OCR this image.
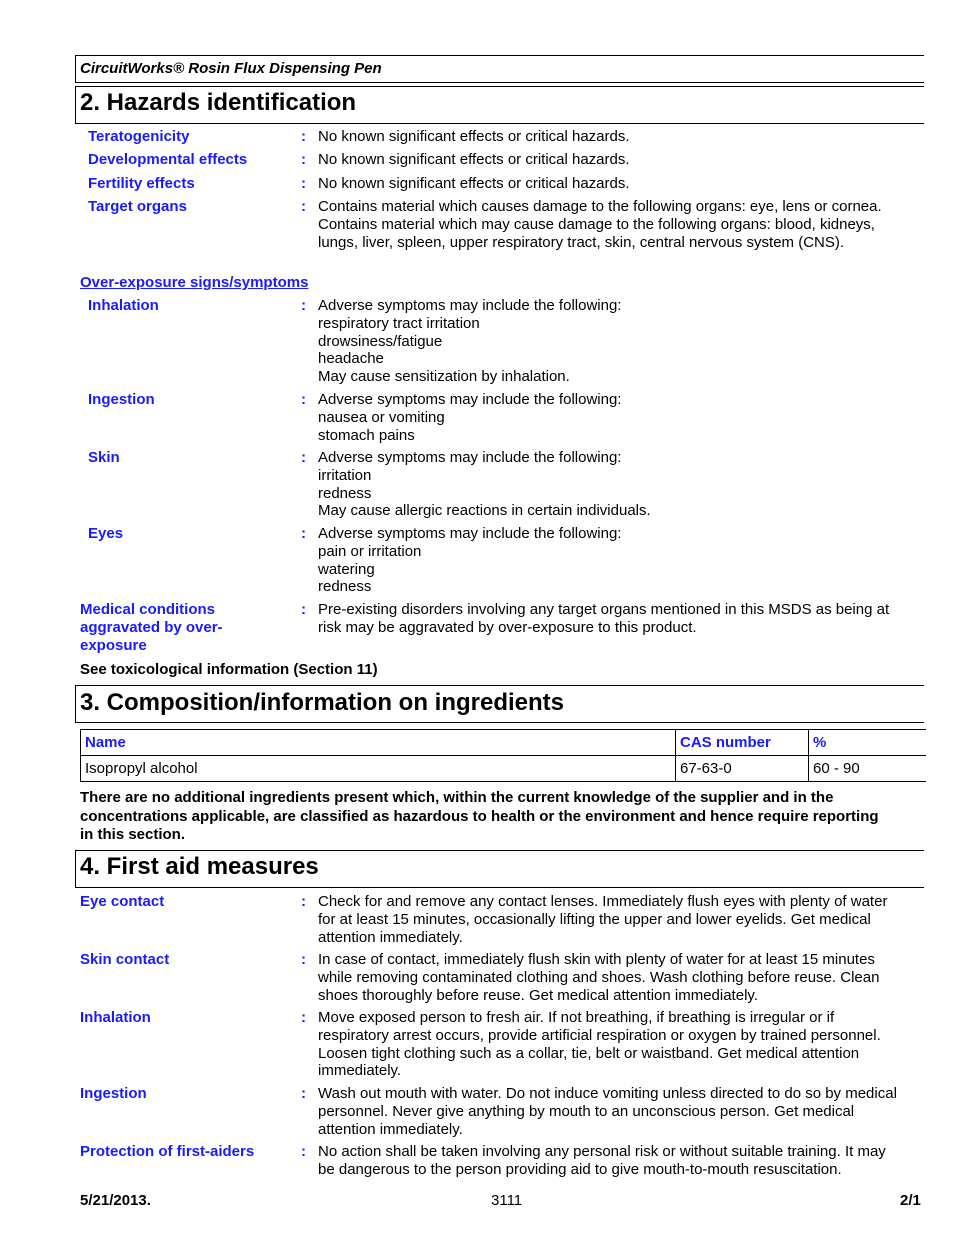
CircuitWorks® Rosin Flux Dispensing Pen
2. Hazards identification
Teratogenicity	: No known significant effects or critical hazards.
Developmental effects	: No known significant effects or critical hazards.
Fertility effects	: No known significant effects or critical hazards.
Target organs	: Contains material which causes damage to the following organs: eye, lens or cornea.
Contains material which may cause damage to the following organs: blood, kidneys,
lungs, liver, spleen, upper respiratory tract, skin, central nervous system (CNS).
Over-exposure signs/symptoms
Inhalation	: Adverse symptoms may include the following:
respiratory tract irritation
drowsiness/fatigue
headache
May cause sensitization by inhalation.
Ingestion	: Adverse symptoms may include the following:
nausea or vomiting
stomach pains
Skin	: Adverse symptoms may include the following:
irritation
redness
May cause allergic reactions in certain individuals.
Eyes	: Adverse symptoms may include the following:
pain or irritation
watering
redness
Medical conditions
aggravated by over-
exposure
: Pre-existing disorders involving any target organs mentioned in this MSDS as being at
risk may be aggravated by over-exposure to this product.
See toxicological information (Section 11)
3. Composition/information on ingredients
Name	CAS number	%
Isopropyl alcohol	67-63-0	60 - 90
There are no additional ingredients present which, within the current knowledge of the supplier and in the
concentrations applicable, are classified as hazardous to health or the environment and hence require reporting
in this section.
4. First aid measures
Eye contact	: Check for and remove any contact lenses. Immediately flush eyes with plenty of water
for at least 15 minutes, occasionally lifting the upper and lower eyelids. Get medical
attention immediately.
Skin contact	: In case of contact, immediately flush skin with plenty of water for at least 15 minutes
while removing contaminated clothing and shoes. Wash clothing before reuse. Clean
shoes thoroughly before reuse. Get medical attention immediately.
Inhalation	: Move exposed person to fresh air. If not breathing, if breathing is irregular or if
respiratory arrest occurs, provide artificial respiration or oxygen by trained personnel.
Loosen tight clothing such as a collar, tie, belt or waistband. Get medical attention
immediately.
Ingestion	: Wash out mouth with water. Do not induce vomiting unless directed to do so by medical
personnel. Never give anything by mouth to an unconscious person. Get medical
attention immediately.
Protection of first-aiders	: No action shall be taken involving any personal risk or without suitable training. It may
be dangerous to the person providing aid to give mouth-to-mouth resuscitation.
5/21/2013.	3111	2/1
